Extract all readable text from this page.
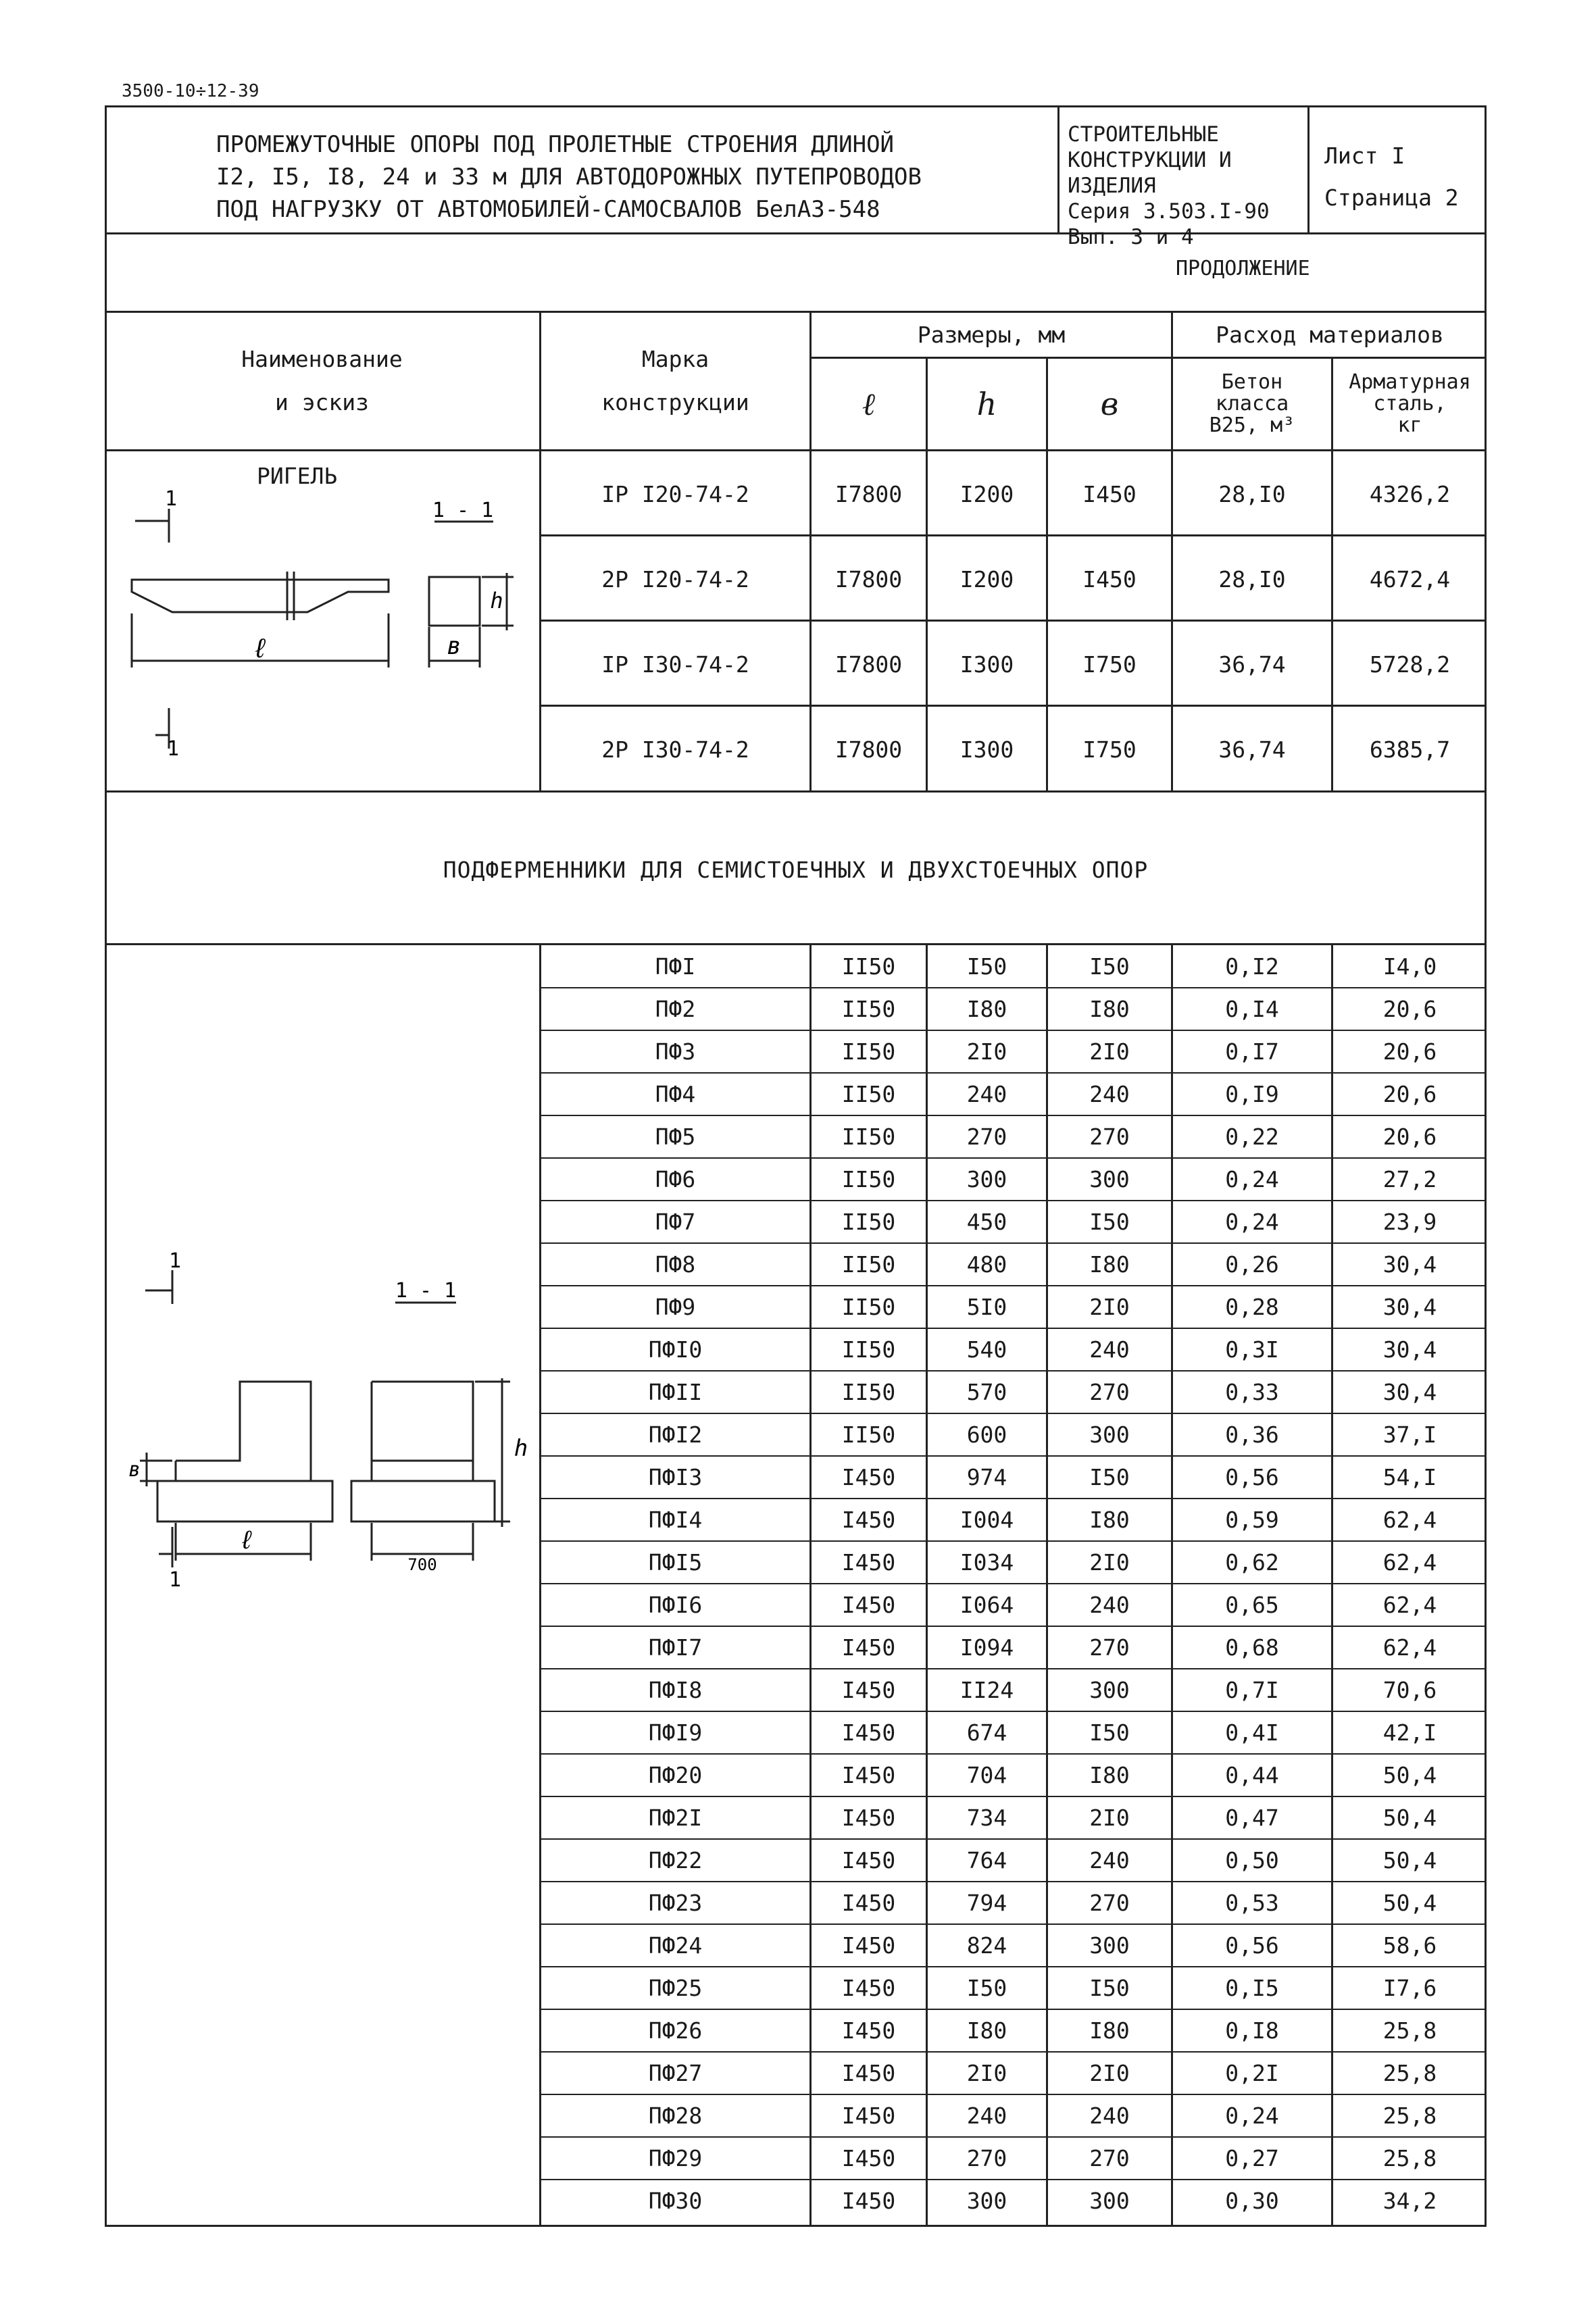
3500-10÷12-39
ПРОМЕЖУТОЧНЫЕ ОПОРЫ ПОД ПРОЛЕТНЫЕ СТРОЕНИЯ ДЛИНОЙ
I2, I5, I8, 24 и 33 м ДЛЯ АВТОДОРОЖНЫХ ПУТЕПРОВОДОВ
ПОД НАГРУЗКУ ОТ АВТОМОБИЛЕЙ-САМОСВАЛОВ БелАЗ-548
СТРОИТЕЛЬНЫЕ
КОНСТРУКЦИИ И
ИЗДЕЛИЯ
Серия 3.503.I-90
Вып. 3 и 4
Лист I
Страница 2
ПРОДОЛЖЕНИЕ
Наименование
и эскиз
Марка
конструкции
Размеры, мм	Расход материалов
ℓ	h	в
Бетон
класса
B25, м³
Арматурная
сталь,
кг
РИГЕЛЬ
1
1
1 - 1
ℓ	в
h
IP I20-74-2	I7800	I200	I450	28,I0	4326,2
2P I20-74-2	I7800	I200	I450	28,I0	4672,4
IP I30-74-2	I7800	I300	I750	36,74	5728,2
2P I30-74-2	I7800	I300	I750	36,74	6385,7
ПОДФЕРМЕННИКИ ДЛЯ СЕМИСТОЕЧНЫХ И ДВУХСТОЕЧНЫХ ОПОР
1
1
1 - 1
ℓ
700
h
в
ПФI	II50	I50	I50	0,I2	I4,0
ПФ2	II50	I80	I80	0,I4	20,6
ПФ3	II50	2I0	2I0	0,I7	20,6
ПФ4	II50	240	240	0,I9	20,6
ПФ5	II50	270	270	0,22	20,6
ПФ6	II50	300	300	0,24	27,2
ПФ7	II50	450	I50	0,24	23,9
ПФ8	II50	480	I80	0,26	30,4
ПФ9	II50	5I0	2I0	0,28	30,4
ПФI0	II50	540	240	0,3I	30,4
ПФII	II50	570	270	0,33	30,4
ПФI2	II50	600	300	0,36	37,I
ПФI3	I450	974	I50	0,56	54,I
ПФI4	I450	I004	I80	0,59	62,4
ПФI5	I450	I034	2I0	0,62	62,4
ПФI6	I450	I064	240	0,65	62,4
ПФI7	I450	I094	270	0,68	62,4
ПФI8	I450	II24	300	0,7I	70,6
ПФI9	I450	674	I50	0,4I	42,I
ПФ20	I450	704	I80	0,44	50,4
ПФ2I	I450	734	2I0	0,47	50,4
ПФ22	I450	764	240	0,50	50,4
ПФ23	I450	794	270	0,53	50,4
ПФ24	I450	824	300	0,56	58,6
ПФ25	I450	I50	I50	0,I5	I7,6
ПФ26	I450	I80	I80	0,I8	25,8
ПФ27	I450	2I0	2I0	0,2I	25,8
ПФ28	I450	240	240	0,24	25,8
ПФ29	I450	270	270	0,27	25,8
ПФ30	I450	300	300	0,30	34,2
